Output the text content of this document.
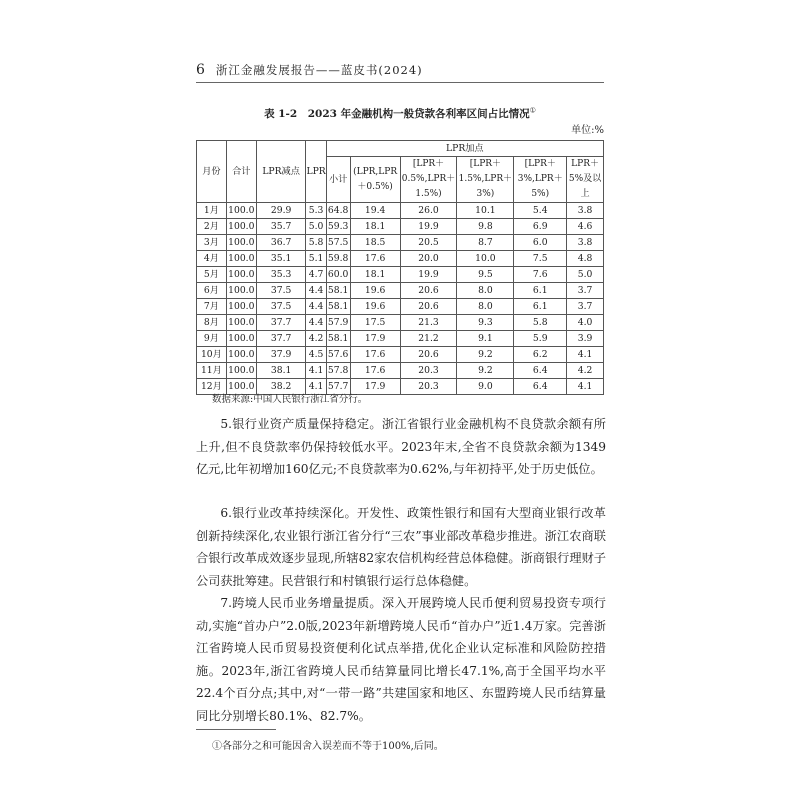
6 浙江金融发展报告——蓝皮书(2024)
表 1-2　2023 年金融机构一般贷款各利率区间占比情况①
单位:%
月份	合计	LPR减点	LPR	LPR加点					
				小计	(LPR,LPR＋0.5%)	[LPR＋0.5%,LPR＋1.5%)	[LPR＋1.5%,LPR＋3%)	[LPR＋3%,LPR＋5%)	LPR＋5%及以上
1月	100.0	29.9	5.3	64.8	19.4	26.0	10.1	5.4	3.8
2月	100.0	35.7	5.0	59.3	18.1	19.9	9.8	6.9	4.6
3月	100.0	36.7	5.8	57.5	18.5	20.5	8.7	6.0	3.8
4月	100.0	35.1	5.1	59.8	17.6	20.0	10.0	7.5	4.8
5月	100.0	35.3	4.7	60.0	18.1	19.9	9.5	7.6	5.0
6月	100.0	37.5	4.4	58.1	19.6	20.6	8.0	6.1	3.7
7月	100.0	37.5	4.4	58.1	19.6	20.6	8.0	6.1	3.7
8月	100.0	37.7	4.4	57.9	17.5	21.3	9.3	5.8	4.0
9月	100.0	37.7	4.2	58.1	17.9	21.2	9.1	5.9	3.9
10月	100.0	37.9	4.5	57.6	17.6	20.6	9.2	6.2	4.1
11月	100.0	38.1	4.1	57.8	17.6	20.3	9.2	6.4	4.2
12月	100.0	38.2	4.1	57.7	17.9	20.3	9.0	6.4	4.1
数据来源:中国人民银行浙江省分行。
5.银行业资产质量保持稳定。浙江省银行业金融机构不良贷款余额有所上升,但不良贷款率仍保持较低水平。2023年末,全省不良贷款余额为1349亿元,比年初增加160亿元;不良贷款率为0.62%,与年初持平,处于历史低位。
6.银行业改革持续深化。开发性、政策性银行和国有大型商业银行改革创新持续深化,农业银行浙江省分行“三农”事业部改革稳步推进。浙江农商联合银行改革成效逐步显现,所辖82家农信机构经营总体稳健。浙商银行理财子公司获批筹建。民营银行和村镇银行运行总体稳健。
7.跨境人民币业务增量提质。深入开展跨境人民币便利贸易投资专项行动,实施“首办户”2.0版,2023年新增跨境人民币“首办户”近1.4万家。完善浙江省跨境人民币贸易投资便利化试点举措,优化企业认定标准和风险防控措施。2023年,浙江省跨境人民币结算量同比增长47.1%,高于全国平均水平22.4个百分点;其中,对“一带一路”共建国家和地区、东盟跨境人民币结算量同比分别增长80.1%、82.7%。
①各部分之和可能因舍入误差而不等于100%,后同。
